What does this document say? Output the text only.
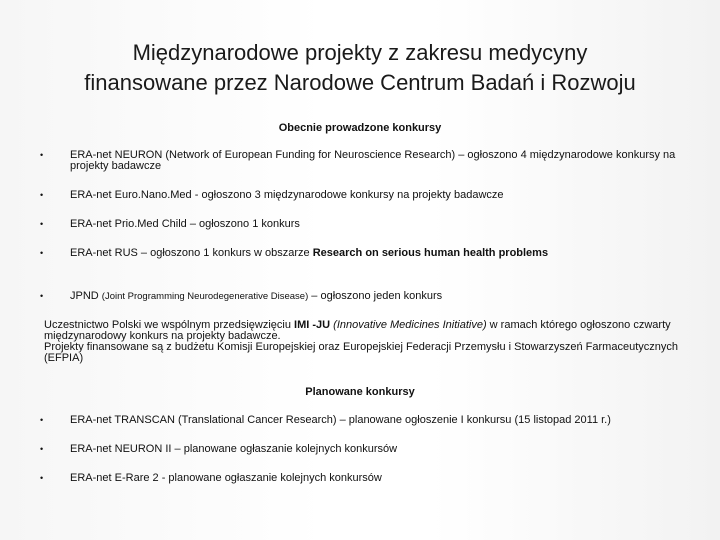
Międzynarodowe projekty z zakresu medycyny
finansowane przez Narodowe Centrum Badań i Rozwoju
Obecnie prowadzone konkursy
• ERA-net NEURON (Network of European Funding for Neuroscience Research) – ogłoszono 4 międzynarodowe konkursy na projekty badawcze
• ERA-net Euro.Nano.Med - ogłoszono 3 międzynarodowe konkursy na projekty badawcze
• ERA-net Prio.Med Child – ogłoszono 1 konkurs
• ERA-net RUS – ogłoszono 1 konkurs w obszarze Research on serious human health problems
• JPND (Joint Programming Neurodegenerative Disease) – ogłoszono jeden konkurs
Uczestnictwo Polski we wspólnym przedsięwzięciu IMI -JU (Innovative Medicines Initiative) w ramach którego ogłoszono czwarty międzynarodowy konkurs na projekty badawcze.
Projekty finansowane są z budżetu Komisji Europejskiej oraz Europejskiej Federacji Przemysłu i Stowarzyszeń Farmaceutycznych (EFPIA)
Planowane konkursy
• ERA-net TRANSCAN (Translational Cancer Research) – planowane ogłoszenie I konkursu (15 listopad 2011 r.)
• ERA-net NEURON II – planowane ogłaszanie kolejnych konkursów
• ERA-net E-Rare 2 - planowane ogłaszanie kolejnych konkursów
